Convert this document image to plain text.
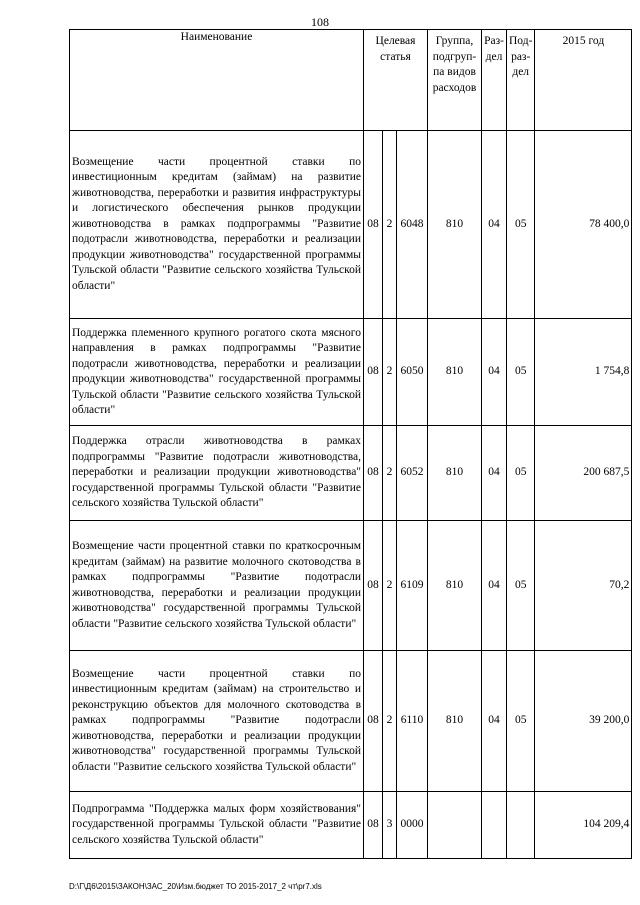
108
Наименование	Целевая статья			Группа, подгруп-па видов расходов	Раз-дел	Под-раз-дел	2015 год
Возмещение части процентной ставки по инвестиционным кредитам (займам) на развитие животноводства, переработки и развития инфраструктуры и логистического обеспечения рынков продукции животноводства в рамках подпрограммы "Развитие подотрасли животноводства, переработки и реализации продукции животноводства" государственной программы Тульской области "Развитие сельского хозяйства Тульской области"	08	2	6048	810	04	05	78 400,0
Поддержка племенного крупного рогатого скота мясного направления в рамках подпрограммы "Развитие подотрасли животноводства, переработки и реализации продукции животноводства" государственной программы Тульской области "Развитие сельского хозяйства Тульской области"	08	2	6050	810	04	05	1 754,8
Поддержка отрасли животноводства в рамках подпрограммы "Развитие подотрасли животноводства, переработки и реализации продукции животноводства" государственной программы Тульской области "Развитие сельского хозяйства Тульской области"	08	2	6052	810	04	05	200 687,5
Возмещение части процентной ставки по краткосрочным кредитам (займам) на развитие молочного скотоводства в рамках подпрограммы "Развитие подотрасли животноводства, переработки и реализации продукции животноводства" государственной программы Тульской области "Развитие сельского хозяйства Тульской области"	08	2	6109	810	04	05	70,2
Возмещение части процентной ставки по инвестиционным кредитам (займам) на строительство и реконструкцию объектов для молочного скотоводства в рамках подпрограммы "Развитие подотрасли животноводства, переработки и реализации продукции животноводства" государственной программы Тульской области "Развитие сельского хозяйства Тульской области"	08	2	6110	810	04	05	39 200,0
Подпрограмма "Поддержка малых форм хозяйствования" государственной программы Тульской области "Развитие сельского хозяйства Тульской области"	08	3	0000				104 209,4
D:\Г\Д6\2015\ЗАКОН\ЗАС_20\Изм.бюджет ТО 2015-2017_2 чт\pr7.xls
